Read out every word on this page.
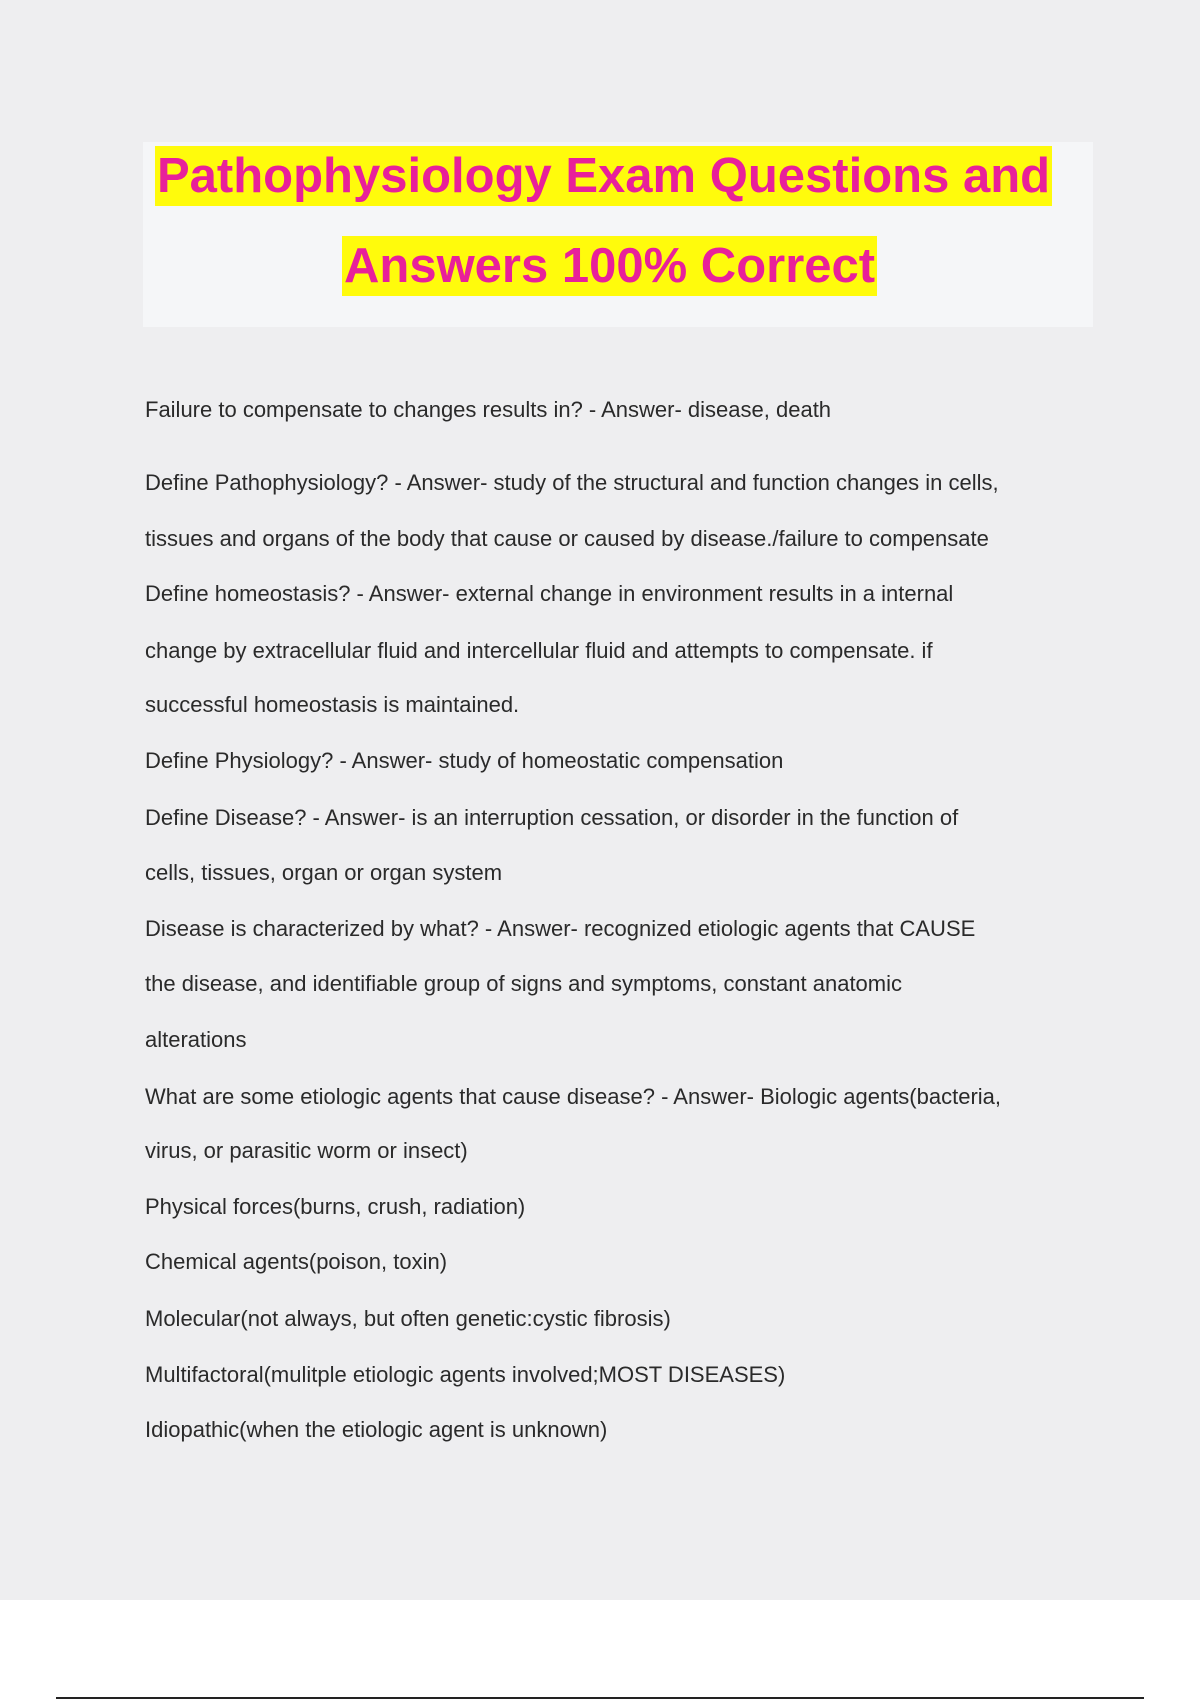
Pathophysiology Exam Questions and
Answers 100% Correct
Failure to compensate to changes results in? - Answer- disease, death
Define Pathophysiology? - Answer- study of the structural and function changes in cells,
tissues and organs of the body that cause or caused by disease./failure to compensate
Define homeostasis? - Answer- external change in environment results in a internal
change by extracellular fluid and intercellular fluid and attempts to compensate. if
successful homeostasis is maintained.
Define Physiology? - Answer- study of homeostatic compensation
Define Disease? - Answer- is an interruption cessation, or disorder in the function of
cells, tissues, organ or organ system
Disease is characterized by what? - Answer- recognized etiologic agents that CAUSE
the disease, and identifiable group of signs and symptoms, constant anatomic
alterations
What are some etiologic agents that cause disease? - Answer- Biologic agents(bacteria,
virus, or parasitic worm or insect)
Physical forces(burns, crush, radiation)
Chemical agents(poison, toxin)
Molecular(not always, but often genetic:cystic fibrosis)
Multifactoral(mulitple etiologic agents involved;MOST DISEASES)
Idiopathic(when the etiologic agent is unknown)
